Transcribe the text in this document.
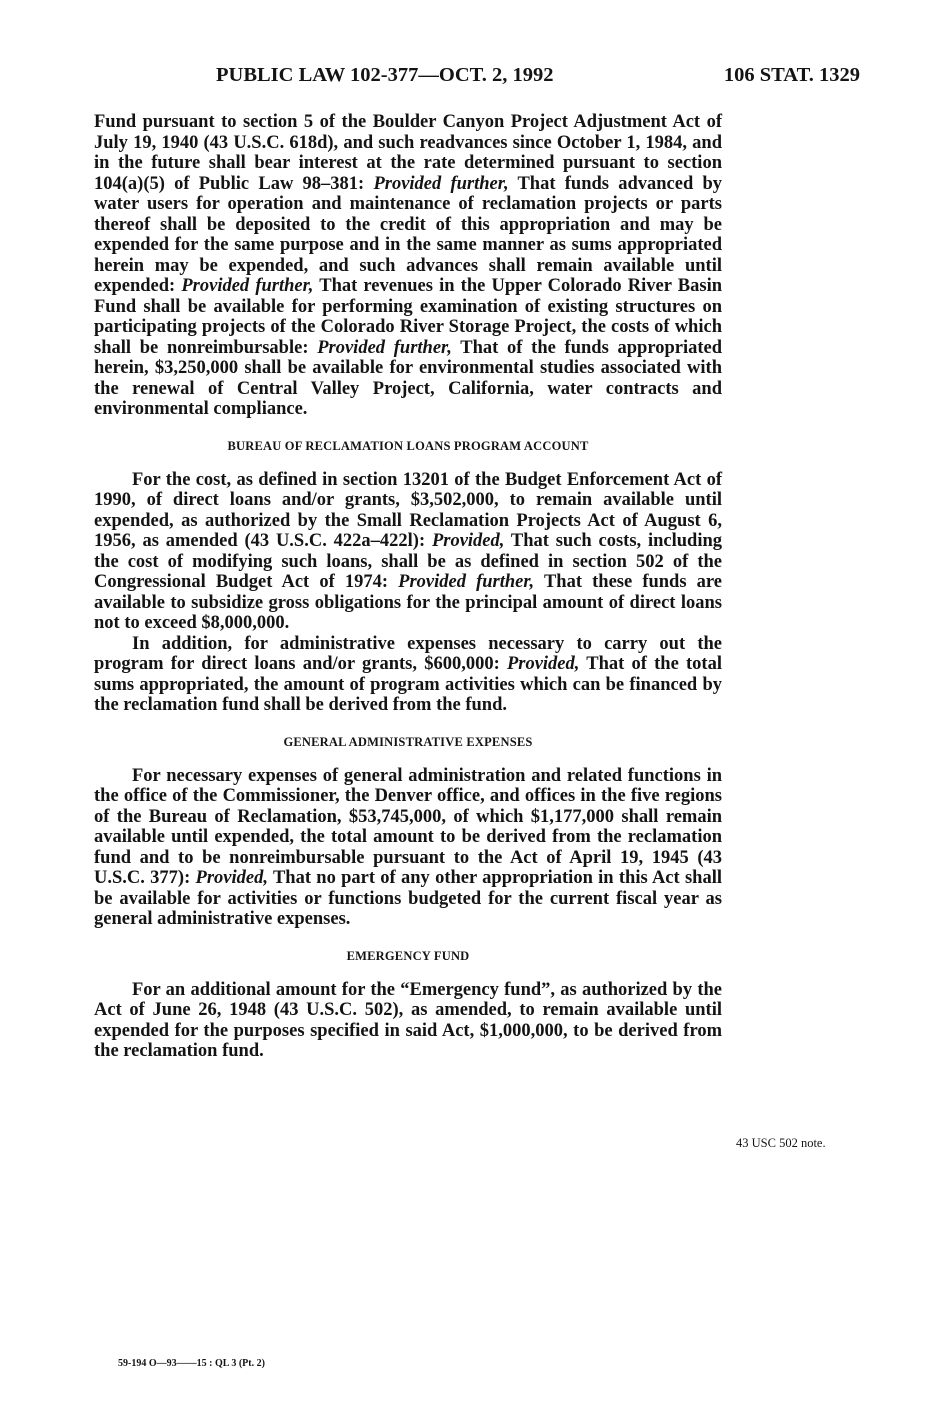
PUBLIC LAW 102-377—OCT. 2, 1992	106 STAT. 1329

Fund pursuant to section 5 of the Boulder Canyon Project Adjustment Act of July 19, 1940 (43 U.S.C. 618d), and such readvances since October 1, 1984, and in the future shall bear interest at the rate determined pursuant to section 104(a)(5) of Public Law 98–381: Provided further, That funds advanced by water users for operation and maintenance of reclamation projects or parts thereof shall be deposited to the credit of this appropriation and may be expended for the same purpose and in the same manner as sums appropriated herein may be expended, and such advances shall remain available until expended: Provided further, That revenues in the Upper Colorado River Basin Fund shall be available for performing examination of existing structures on participating projects of the Colorado River Storage Project, the costs of which shall be nonreimbursable: Provided further, That of the funds appropriated herein, $3,250,000 shall be available for environmental studies associated with the renewal of Central Valley Project, California, water contracts and environmental compliance.

BUREAU OF RECLAMATION LOANS PROGRAM ACCOUNT

For the cost, as defined in section 13201 of the Budget Enforcement Act of 1990, of direct loans and/or grants, $3,502,000, to remain available until expended, as authorized by the Small Reclamation Projects Act of August 6, 1956, as amended (43 U.S.C. 422a–422l): Provided, That such costs, including the cost of modifying such loans, shall be as defined in section 502 of the Congressional Budget Act of 1974: Provided further, That these funds are available to subsidize gross obligations for the principal amount of direct loans not to exceed $8,000,000.

In addition, for administrative expenses necessary to carry out the program for direct loans and/or grants, $600,000: Provided, That of the total sums appropriated, the amount of program activities which can be financed by the reclamation fund shall be derived from the fund.

GENERAL ADMINISTRATIVE EXPENSES

For necessary expenses of general administration and related functions in the office of the Commissioner, the Denver office, and offices in the five regions of the Bureau of Reclamation, $53,745,000, of which $1,177,000 shall remain available until expended, the total amount to be derived from the reclamation fund and to be nonreimbursable pursuant to the Act of April 19, 1945 (43 U.S.C. 377): Provided, That no part of any other appropriation in this Act shall be available for activities or functions budgeted for the current fiscal year as general administrative expenses.

EMERGENCY FUND

For an additional amount for the “Emergency fund”, as authorized by the Act of June 26, 1948 (43 U.S.C. 502), as amended, to remain available until expended for the purposes specified in said Act, $1,000,000, to be derived from the reclamation fund.

43 USC 502 note.
59-194 O—93——15 : QL 3 (Pt. 2)
